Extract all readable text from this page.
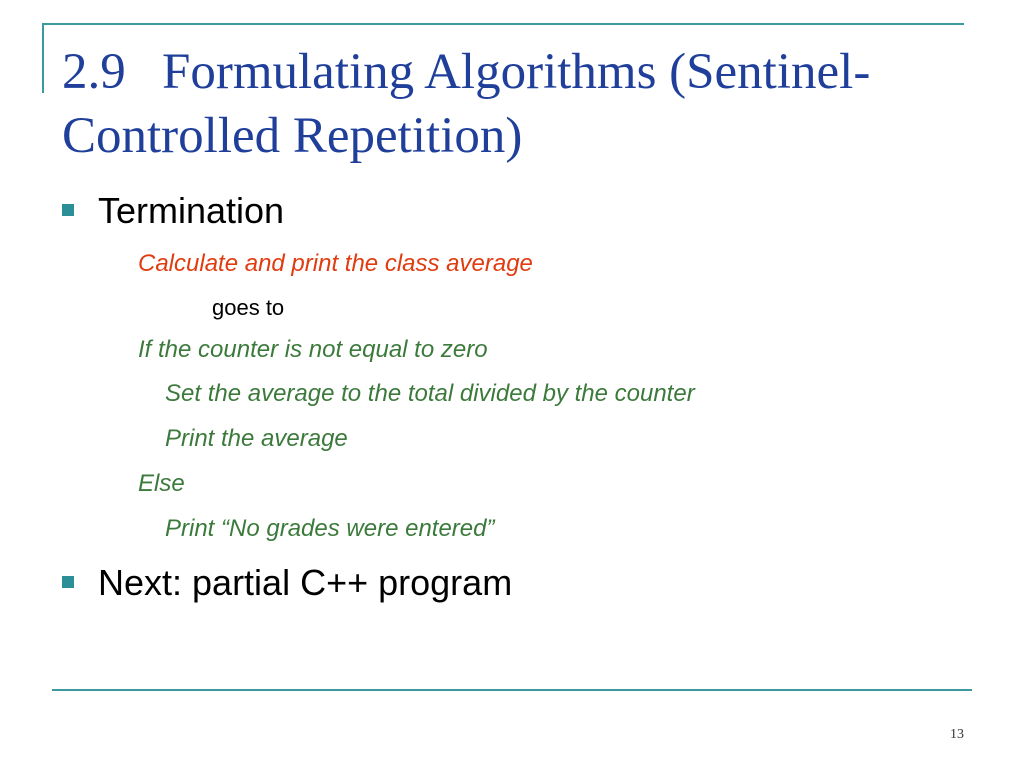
2.9 Formulating Algorithms (Sentinel-Controlled Repetition)
Termination
Calculate and print the class average
goes to
If the counter is not equal to zero
Set the average to the total divided by the counter
Print the average
Else
Print “No grades were entered”
Next: partial C++ program
13
